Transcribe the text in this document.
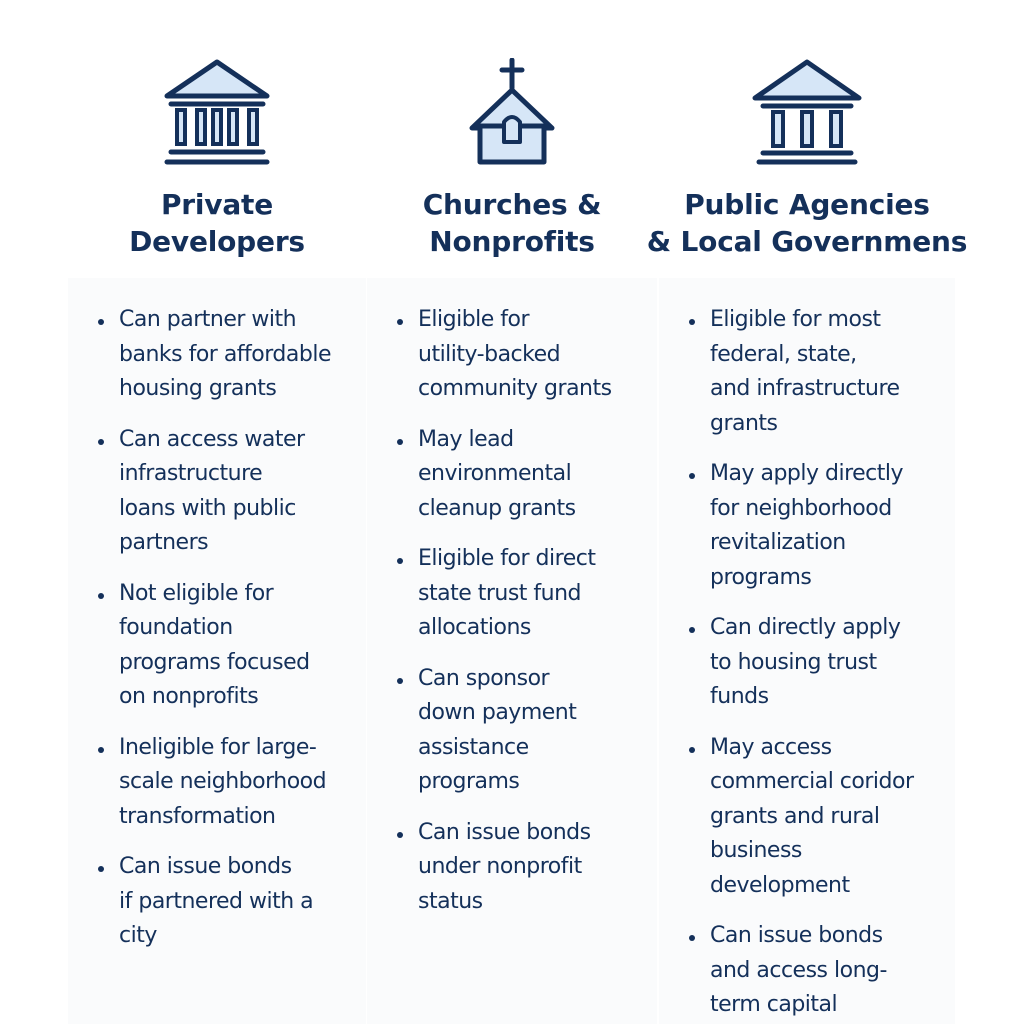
Private
Developers
Can partner with
banks for affordable
housing grants
Can access water
infrastructure
loans with public
partners
Not eligible for
foundation
programs focused
on nonprofits
Ineligible for large-
scale neighborhood
transformation
Can issue bonds
if partnered with a
city
Churches &
Nonprofits
Eligible for
utility-backed
community grants
May lead
environmental
cleanup grants
Eligible for direct
state trust fund
allocations
Can sponsor
down payment
assistance
programs
Can issue bonds
under nonprofit
status
Public Agencies
& Local Governmens
Eligible for most
federal, state,
and infrastructure
grants
May apply directly
for neighborhood
revitalization
programs
Can directly apply
to housing trust
funds
May access
commercial coridor
grants and rural
business
development
Can issue bonds
and access long-
term capital
